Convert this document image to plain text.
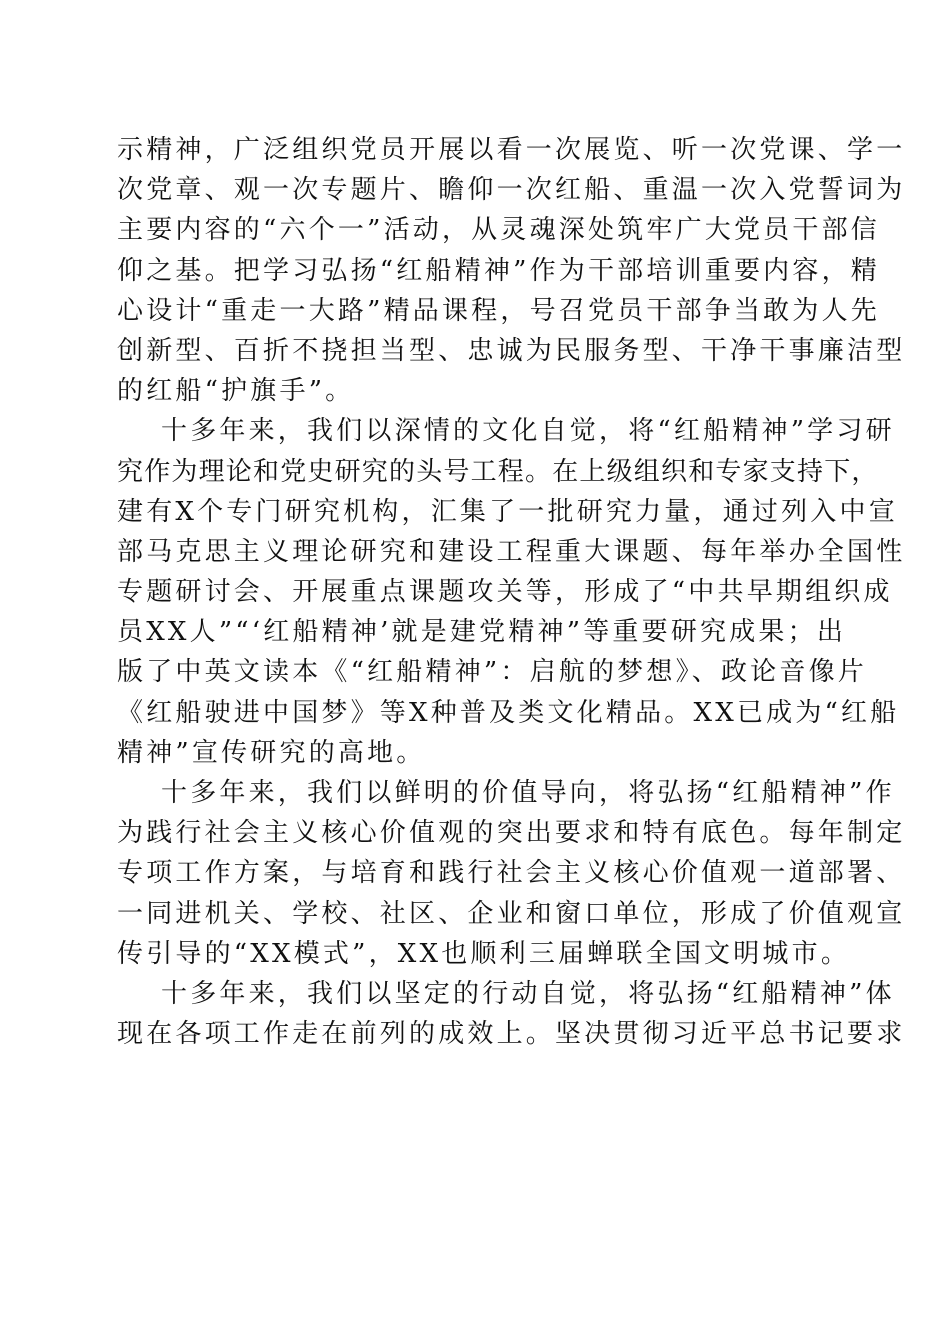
示精神，广泛组织党员开展以看一次展览、听一次党课、学一
次党章、观一次专题片、瞻仰一次红船、重温一次入党誓词为
主要内容的“六个一”活动，从灵魂深处筑牢广大党员干部信
仰之基。把学习弘扬“红船精神”作为干部培训重要内容，精
心设计“重走一大路”精品课程，号召党员干部争当敢为人先
创新型、百折不挠担当型、忠诚为民服务型、干净干事廉洁型
的红船“护旗手”。
十多年来，我们以深情的文化自觉，将“红船精神”学习研
究作为理论和党史研究的头号工程。在上级组织和专家支持下，
建有X个专门研究机构，汇集了一批研究力量，通过列入中宣
部马克思主义理论研究和建设工程重大课题、每年举办全国性
专题研讨会、开展重点课题攻关等，形成了“中共早期组织成
员XX人”“‘红船精神’就是建党精神”等重要研究成果；出
版了中英文读本《“红船精神”：启航的梦想》、政论音像片
《红船驶进中国梦》等X种普及类文化精品。XX已成为“红船
精神”宣传研究的高地。
十多年来，我们以鲜明的价值导向，将弘扬“红船精神”作
为践行社会主义核心价值观的突出要求和特有底色。每年制定
专项工作方案，与培育和践行社会主义核心价值观一道部署、
一同进机关、学校、社区、企业和窗口单位，形成了价值观宣
传引导的“XX模式”，XX也顺利三届蝉联全国文明城市。
十多年来，我们以坚定的行动自觉，将弘扬“红船精神”体
现在各项工作走在前列的成效上。坚决贯彻习近平总书记要求
